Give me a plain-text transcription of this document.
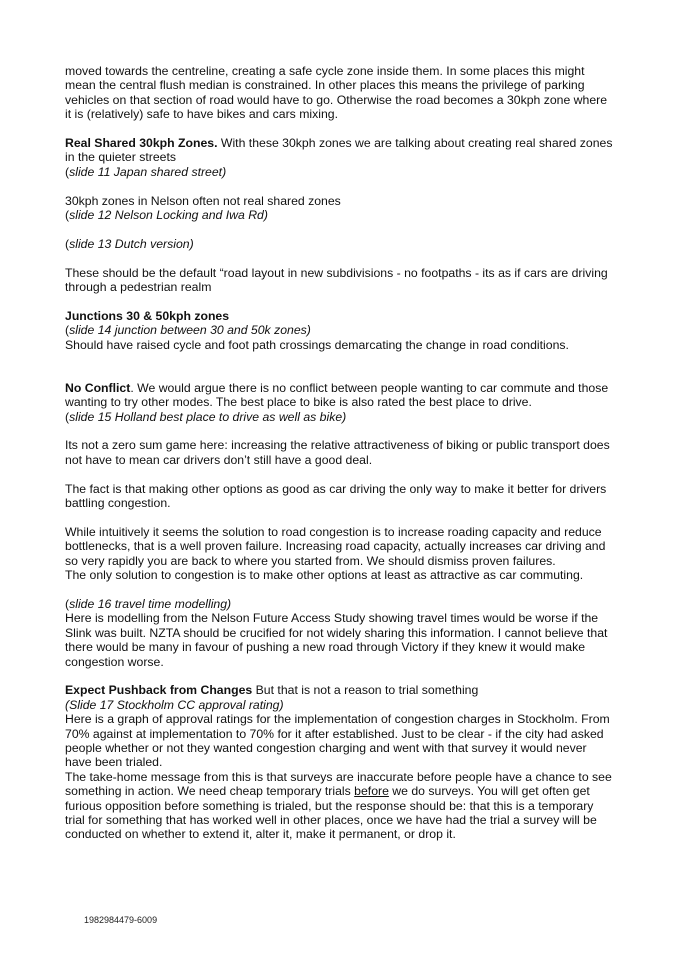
moved towards the centreline, creating a safe cycle zone inside them. In some places this might mean the central flush median is constrained. In other places this means the privilege of parking vehicles on that section of road would have to go. Otherwise the road becomes a 30kph zone where it is (relatively) safe to have bikes and cars mixing.

Real Shared 30kph Zones. With these 30kph zones we are talking about creating real shared zones in the quieter streets
(slide 11 Japan shared street)

30kph zones in Nelson often not real shared zones
(slide 12 Nelson Locking and Iwa Rd)

(slide 13 Dutch version)

These should be the default “road layout in new subdivisions - no footpaths - its as if cars are driving through a pedestrian realm

Junctions 30 & 50kph zones
(slide 14 junction between 30 and 50k zones)
Should have raised cycle and foot path crossings demarcating the change in road conditions.

No Conflict. We would argue there is no conflict between people wanting to car commute and those wanting to try other modes. The best place to bike is also rated the best place to drive.
(slide 15 Holland best place to drive as well as bike)

Its not a zero sum game here: increasing the relative attractiveness of biking or public transport does not have to mean car drivers don’t still have a good deal.

The fact is that making other options as good as car driving the only way to make it better for drivers battling congestion.

While intuitively it seems the solution to road congestion is to increase roading capacity and reduce bottlenecks, that is a well proven failure. Increasing road capacity, actually increases car driving and so very rapidly you are back to where you started from. We should dismiss proven failures.

The only solution to congestion is to make other options at least as attractive as car commuting.

(slide 16 travel time modelling)
Here is modelling from the Nelson Future Access Study showing travel times would be worse if the Slink was built. NZTA should be crucified for not widely sharing this information. I cannot believe that there would be many in favour of pushing a new road through Victory if they knew it would make congestion worse.

Expect Pushback from Changes But that is not a reason to trial something
(Slide 17 Stockholm CC approval rating)
Here is a graph of approval ratings for the implementation of congestion charges in Stockholm. From 70% against at implementation to 70% for it after established. Just to be clear - if the city had asked people whether or not they wanted congestion charging and went with that survey it would never have been trialed.
The take-home message from this is that surveys are inaccurate before people have a chance to see something in action. We need cheap temporary trials before we do surveys. You will get often get furious opposition before something is trialed, but the response should be: that this is a temporary trial for something that has worked well in other places, once we have had the trial a survey will be conducted on whether to extend it, alter it, make it permanent, or drop it.

1982984479-6009
